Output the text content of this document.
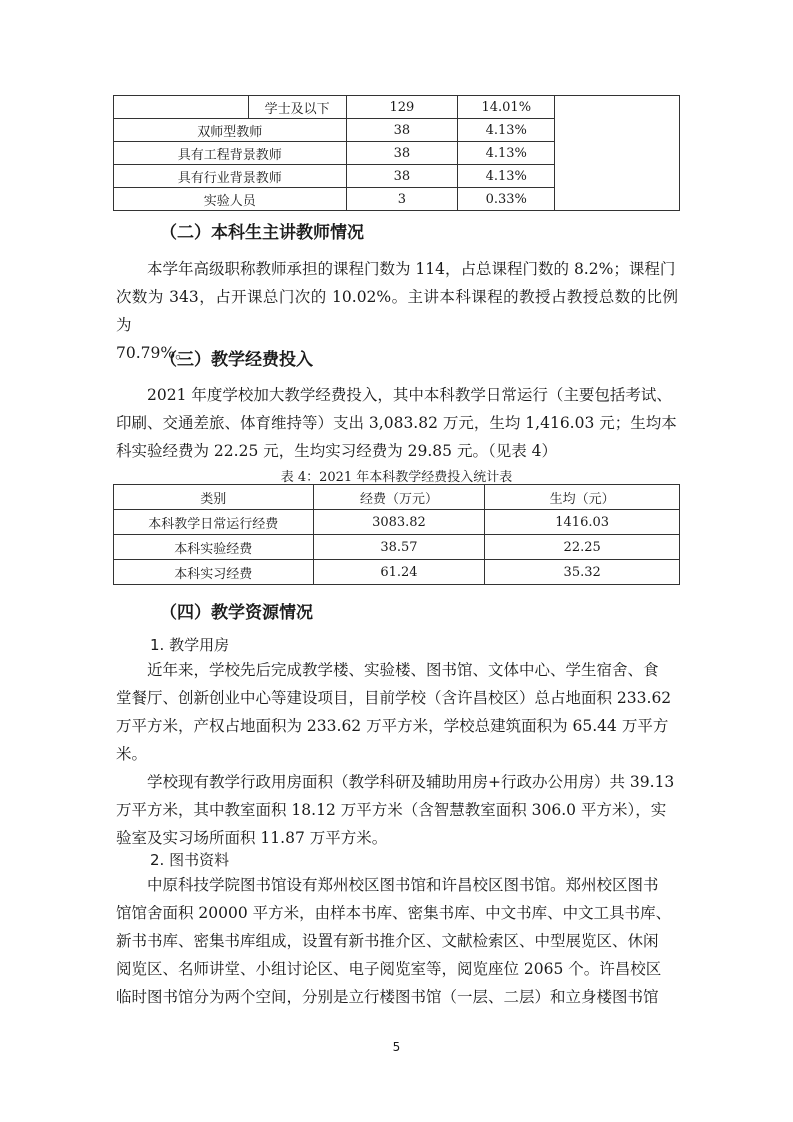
	学士及以下	129	14.01%	
双师型教师		38	4.13%	
具有工程背景教师		38	4.13%	
具有行业背景教师		38	4.13%	
实验人员		3	0.33%	
（二）本科生主讲教师情况

本学年高级职称教师承担的课程门数为 114，占总课程门数的 8.2%；课程门

次数为 343，占开课总门次的 10.02%。主讲本科课程的教授占教授总数的比例为

70.79%。

（三）教学经费投入

2021 年度学校加大教学经费投入，其中本科教学日常运行（主要包括考试、

印刷、交通差旅、体育维持等）支出 3,083.82 万元，生均 1,416.03 元；生均本

科实验经费为 22.25 元，生均实习经费为 29.85 元。（见表 4）

表 4：2021 年本科教学经费投入统计表
类别	经费（万元）	生均（元）
本科教学日常运行经费	3083.82	1416.03
本科实验经费	38.57	22.25
本科实习经费	61.24	35.32
（四）教学资源情况
1. 教学用房

近年来，学校先后完成教学楼、实验楼、图书馆、文体中心、学生宿舍、食

堂餐厅、创新创业中心等建设项目，目前学校（含许昌校区）总占地面积 233.62

万平方米，产权占地面积为 233.62 万平方米，学校总建筑面积为 65.44 万平方

米。

学校现有教学行政用房面积（教学科研及辅助用房+行政办公用房）共 39.13

万平方米，其中教室面积 18.12 万平方米（含智慧教室面积 306.0 平方米），实

验室及实习场所面积 11.87 万平方米。

2. 图书资料

中原科技学院图书馆设有郑州校区图书馆和许昌校区图书馆。郑州校区图书

馆馆舍面积 20000 平方米，由样本书库、密集书库、中文书库、中文工具书库、

新书书库、密集书库组成，设置有新书推介区、文献检索区、中型展览区、休闲

阅览区、名师讲堂、小组讨论区、电子阅览室等，阅览座位 2065 个。许昌校区

临时图书馆分为两个空间，分别是立行楼图书馆（一层、二层）和立身楼图书馆

5
